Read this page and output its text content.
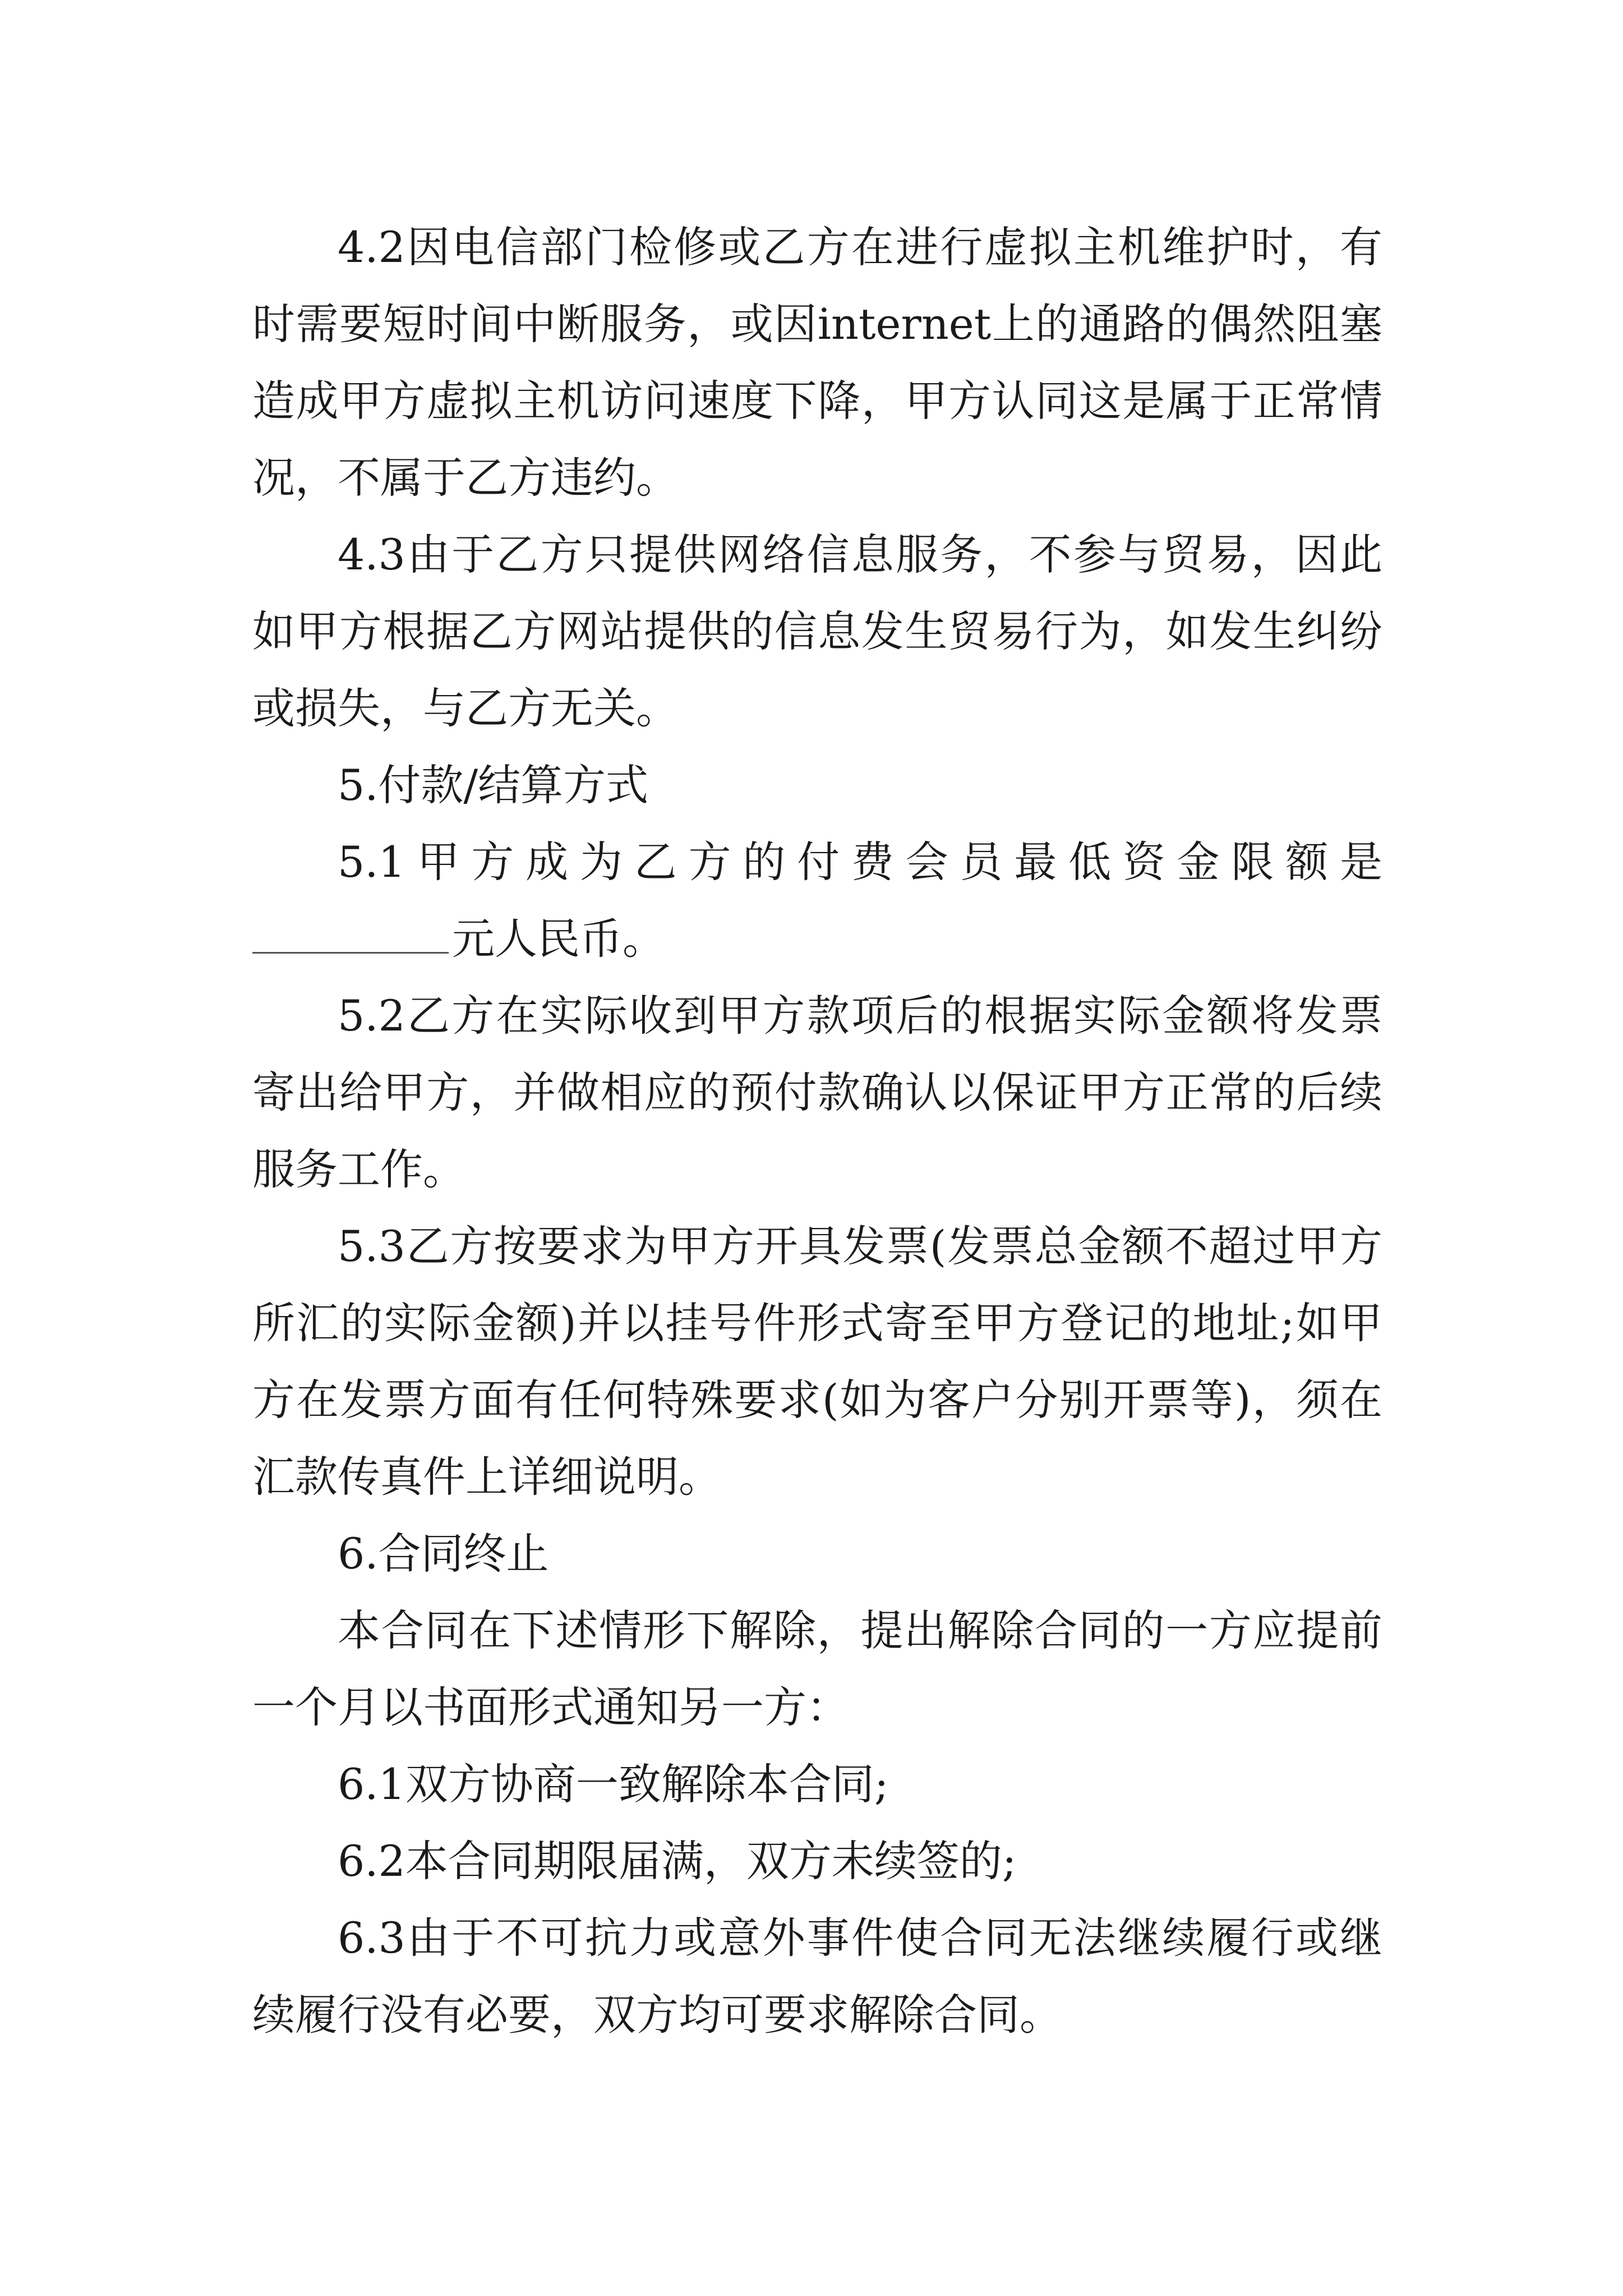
4.2因电信部门检修或乙方在进行虚拟主机维护时，有时需要短时间中断服务，或因internet上的通路的偶然阻塞造成甲方虚拟主机访问速度下降，甲方认同这是属于正常情况，不属于乙方违约。

4.3由于乙方只提供网络信息服务，不参与贸易，因此如甲方根据乙方网站提供的信息发生贸易行为，如发生纠纷或损失，与乙方无关。

5.付款/结算方式

5.1甲方成为乙方的付费会员最低资金限额是

元人民币。

5.2乙方在实际收到甲方款项后的根据实际金额将发票寄出给甲方，并做相应的预付款确认以保证甲方正常的后续服务工作。

5.3乙方按要求为甲方开具发票(发票总金额不超过甲方所汇的实际金额)并以挂号件形式寄至甲方登记的地址;如甲方在发票方面有任何特殊要求(如为客户分别开票等)，须在汇款传真件上详细说明。

6.合同终止

本合同在下述情形下解除，提出解除合同的一方应提前一个月以书面形式通知另一方：

6.1双方协商一致解除本合同;

6.2本合同期限届满，双方未续签的;

6.3由于不可抗力或意外事件使合同无法继续履行或继续履行没有必要，双方均可要求解除合同。
